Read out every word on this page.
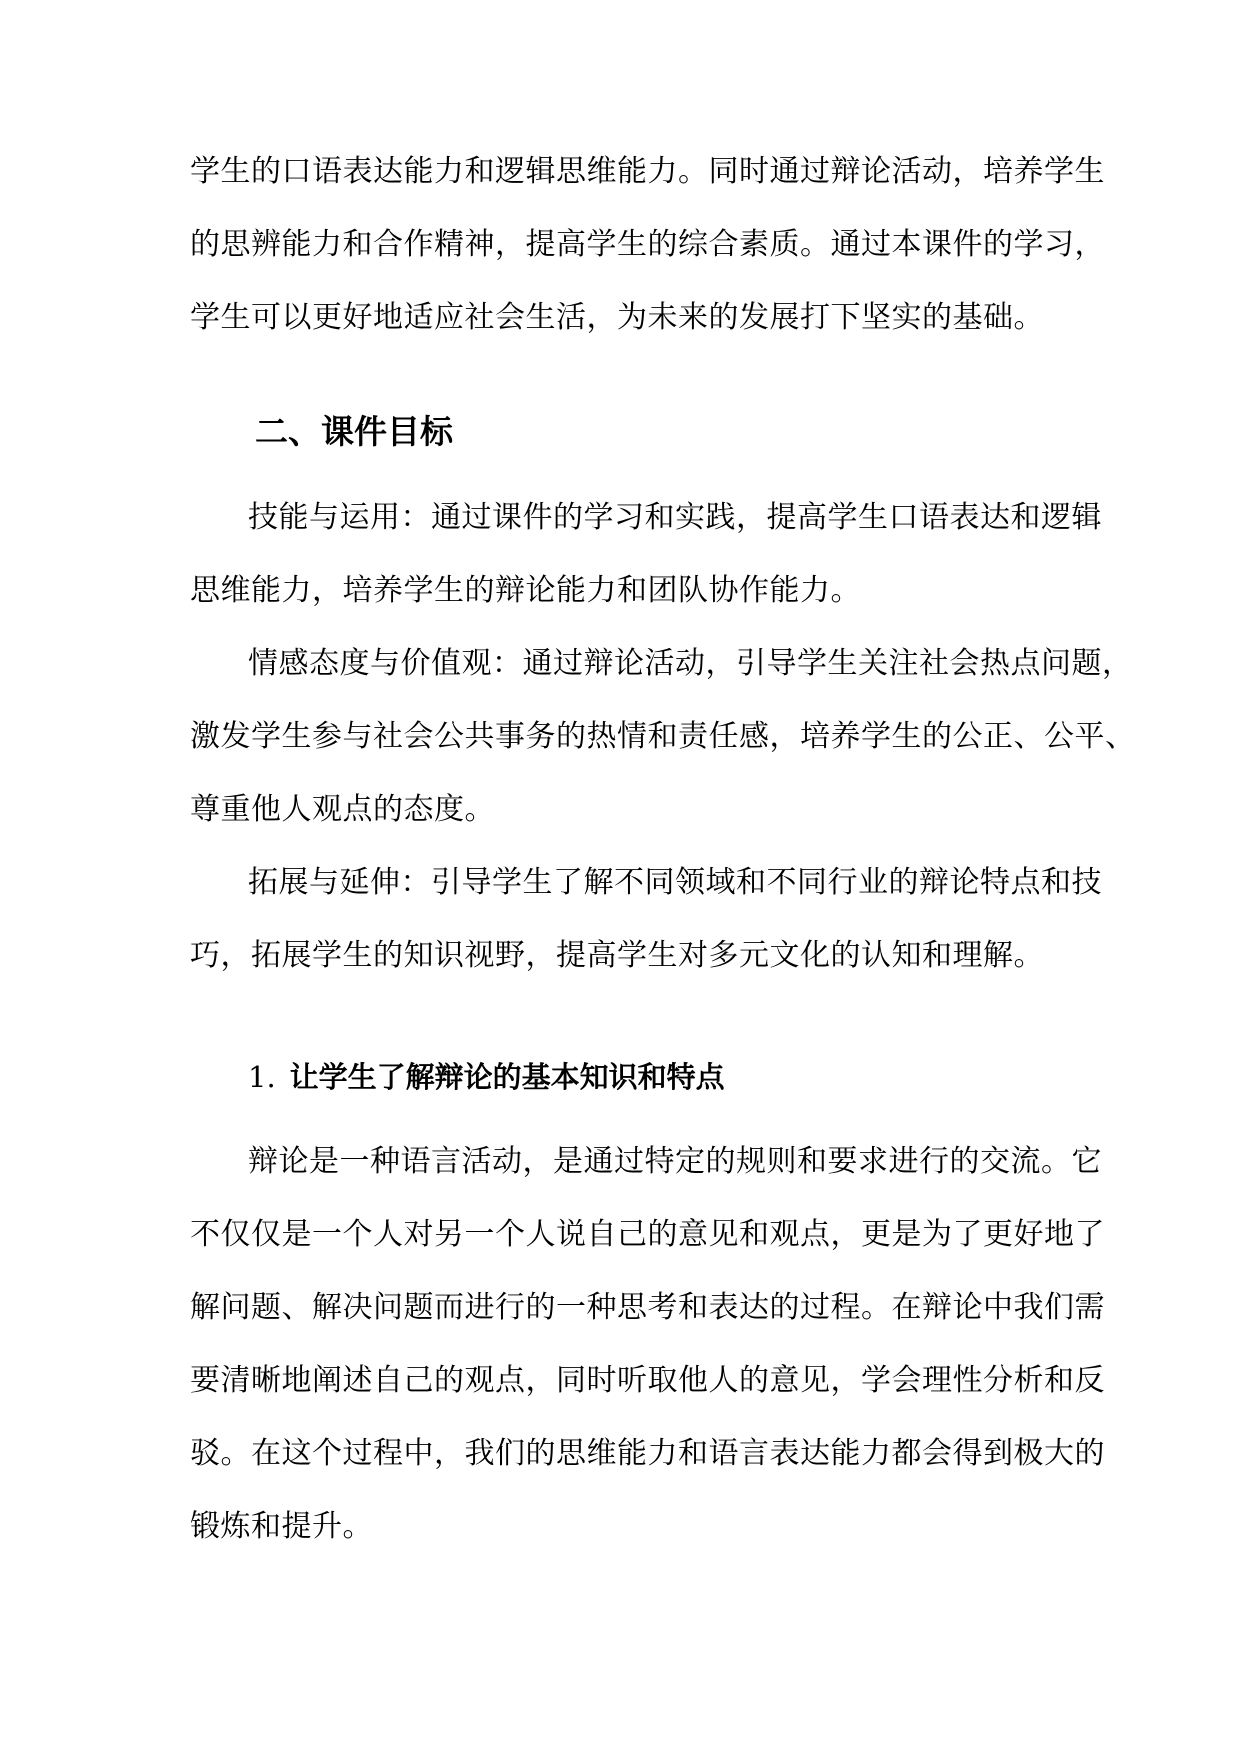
学生的口语表达能力和逻辑思维能力。同时通过辩论活动，培养学生
的思辨能力和合作精神，提高学生的综合素质。通过本课件的学习，
学生可以更好地适应社会生活，为未来的发展打下坚实的基础。
二、课件目标
技能与运用：通过课件的学习和实践，提高学生口语表达和逻辑
思维能力，培养学生的辩论能力和团队协作能力。
情感态度与价值观：通过辩论活动，引导学生关注社会热点问题，
激发学生参与社会公共事务的热情和责任感，培养学生的公正、公平、
尊重他人观点的态度。
拓展与延伸：引导学生了解不同领域和不同行业的辩论特点和技
巧，拓展学生的知识视野，提高学生对多元文化的认知和理解。
1. 让学生了解辩论的基本知识和特点
辩论是一种语言活动，是通过特定的规则和要求进行的交流。它
不仅仅是一个人对另一个人说自己的意见和观点，更是为了更好地了
解问题、解决问题而进行的一种思考和表达的过程。在辩论中我们需
要清晰地阐述自己的观点，同时听取他人的意见，学会理性分析和反
驳。在这个过程中，我们的思维能力和语言表达能力都会得到极大的
锻炼和提升。
